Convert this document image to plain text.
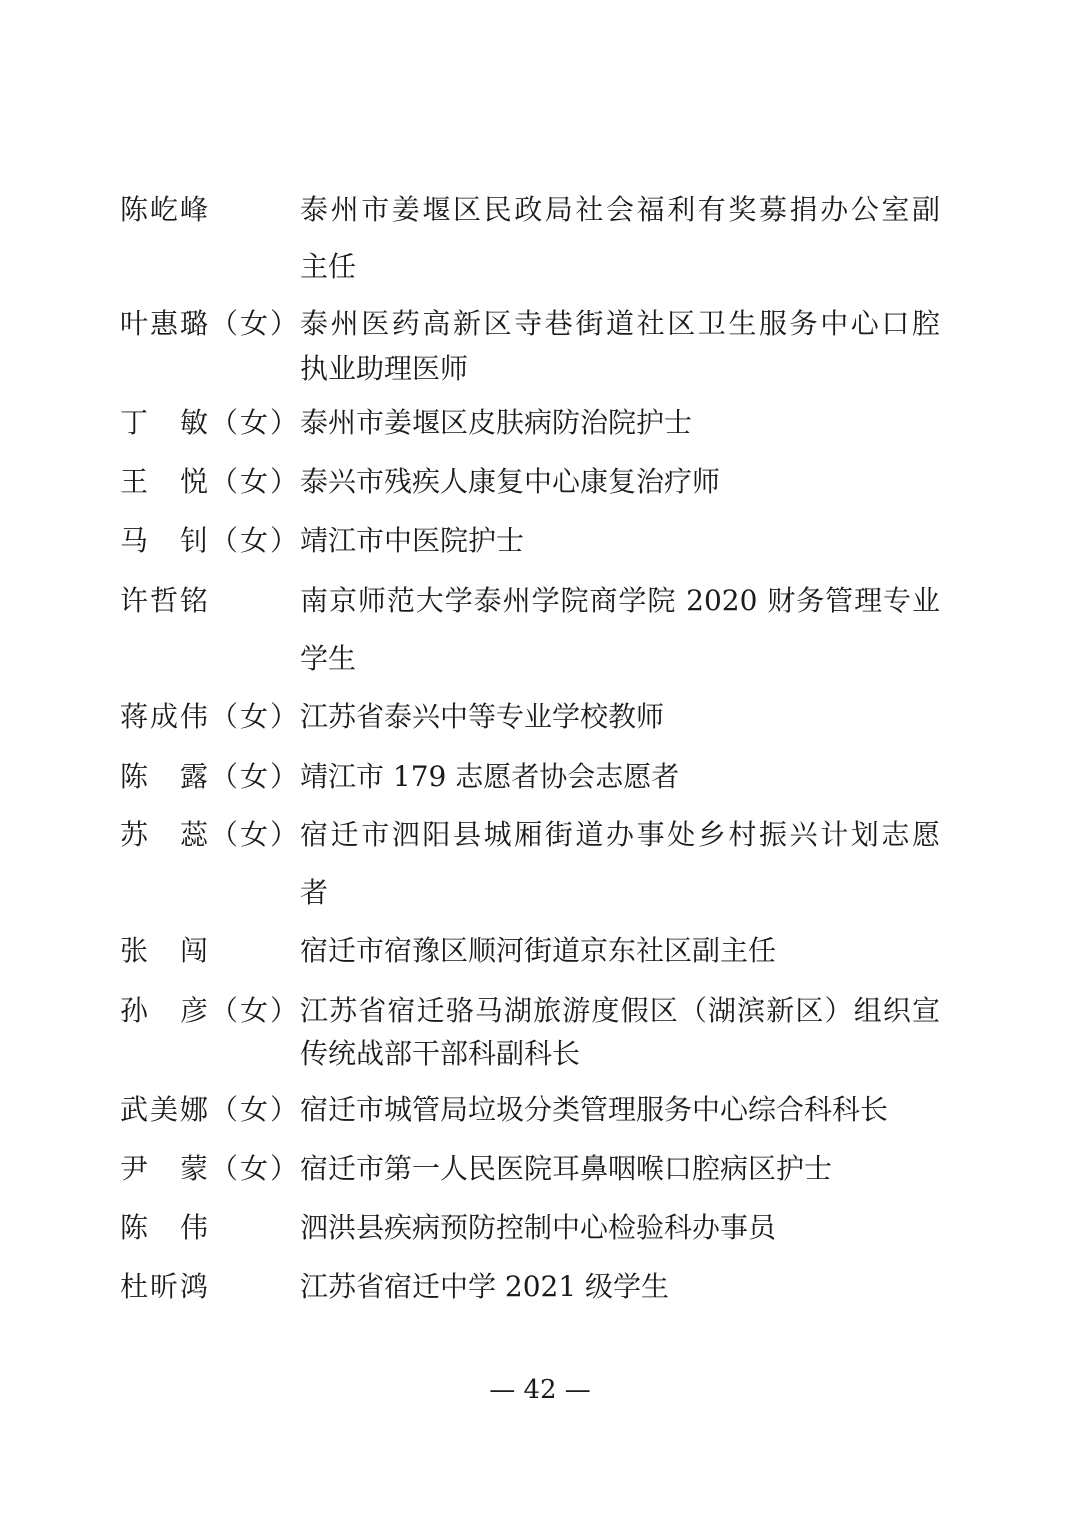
陈屹峰	泰州市姜堰区民政局社会福利有奖募捐办公室副
主任
叶惠璐（女） 泰州医药高新区寺巷街道社区卫生服务中心口腔
执业助理医师
丁　敏（女） 泰州市姜堰区皮肤病防治院护士
王　悦（女） 泰兴市残疾人康复中心康复治疗师
马　钊（女） 靖江市中医院护士
许哲铭	南京师范大学泰州学院商学院 2020 财务管理专业
学生
蒋成伟（女） 江苏省泰兴中等专业学校教师
陈　露（女） 靖江市 179 志愿者协会志愿者
苏　蕊（女） 宿迁市泗阳县城厢街道办事处乡村振兴计划志愿
者
张　闯	宿迁市宿豫区顺河街道京东社区副主任
孙　彦（女） 江苏省宿迁骆马湖旅游度假区（湖滨新区）组织宣
传统战部干部科副科长
武美娜（女） 宿迁市城管局垃圾分类管理服务中心综合科科长
尹　蒙（女） 宿迁市第一人民医院耳鼻咽喉口腔病区护士
陈　伟	泗洪县疾病预防控制中心检验科办事员
杜昕鸿	江苏省宿迁中学 2021 级学生
— 42 —
